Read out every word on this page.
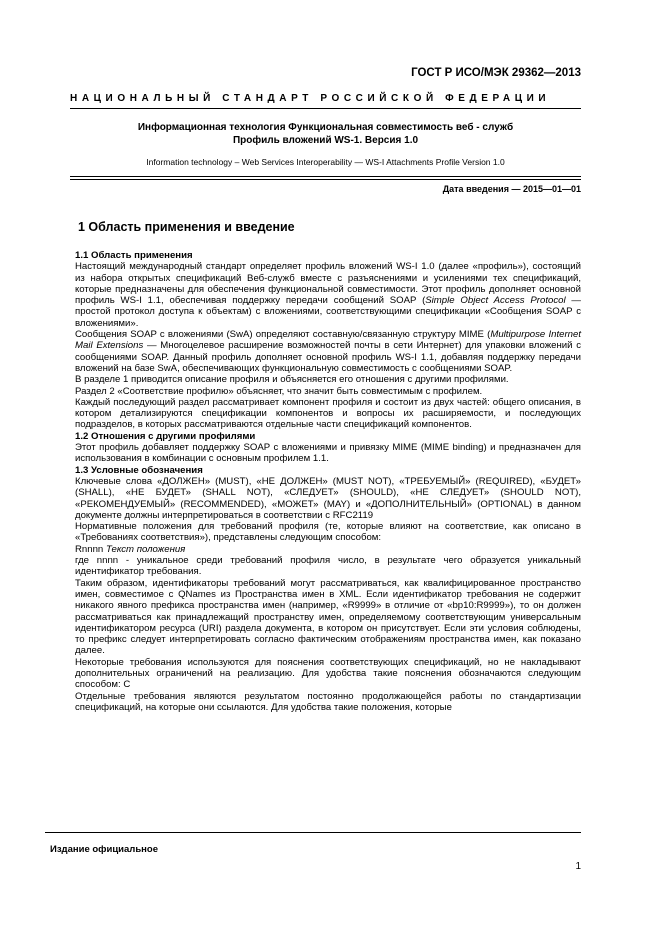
ГОСТ Р ИСО/МЭК 29362—2013
НАЦИОНАЛЬНЫЙ СТАНДАРТ РОССИЙСКОЙ ФЕДЕРАЦИИ
Информационная технология Функциональная совместимость веб - служб
Профиль вложений WS-1. Версия 1.0
Information technology – Web Services Interoperability — WS-I Attachments Profile Version 1.0
Дата введения — 2015—01—01
1 Область применения и введение

1.1 Область применения

Настоящий международный стандарт определяет профиль вложений WS-I 1.0 (далее «профиль»), состоящий из набора открытых спецификаций Веб-служб вместе с разъяснениями и усилениями тех спецификаций, которые предназначены для обеспечения функциональной совместимости. Этот профиль дополняет основной профиль WS-I 1.1, обеспечивая поддержку передачи сообщений SOAP (Simple Object Access Protocol — простой протокол доступа к объектам) с вложениями, соответствующими спецификации «Сообщения SOAP с вложениями».

Сообщения SOAP с вложениями (SwA) определяют составную/связанную структуру MIME (Multipurpose Internet Mail Extensions — Многоцелевое расширение возможностей почты в сети Интернет) для упаковки вложений с сообщениями SOAP. Данный профиль дополняет основной профиль WS-I 1.1, добавляя поддержку передачи вложений на базе SwA, обеспечивающих функциональную совместимость с сообщениями SOAP.

В разделе 1 приводится описание профиля и объясняется его отношения с другими профилями.

Раздел 2 «Соответствие профилю» объясняет, что значит быть совместимым с профилем.

Каждый последующий раздел рассматривает компонент профиля и состоит из двух частей: общего описания, в котором детализируются спецификации компонентов и вопросы их расширяемости, и последующих подразделов, в которых рассматриваются отдельные части спецификаций компонентов.

1.2 Отношения с другими профилями

Этот профиль добавляет поддержку SOAP с вложениями и привязку MIME (MIME binding) и предназначен для использования в комбинации с основным профилем 1.1.

1.3 Условные обозначения

Ключевые слова «ДОЛЖЕН» (MUST), «НЕ ДОЛЖЕН» (MUST NOT), «ТРЕБУЕМЫЙ» (REQUIRED), «БУДЕТ» (SHALL), «НЕ БУДЕТ» (SHALL NOT), «СЛЕДУЕТ» (SHOULD), «НЕ СЛЕДУЕТ» (SHOULD NOT), «РЕКОМЕНДУЕМЫЙ» (RECOMMENDED), «МОЖЕТ» (MAY) и «ДОПОЛНИТЕЛЬНЫЙ» (OPTIONAL) в данном документе должны интерпретироваться в соответствии с RFC2119

Нормативные положения для требований профиля (те, которые влияют на соответствие, как описано в «Требованиях соответствия»), представлены следующим способом:

Rnnnn Текст положения

где nnnn - уникальное среди требований профиля число, в результате чего образуется уникальный идентификатор требования.

Таким образом, идентификаторы требований могут рассматриваться, как квалифицированное пространство имен, совместимое с QNames из Пространства имен в XML. Если идентификатор требования не содержит никакого явного префикса пространства имен (например, «R9999» в отличие от «bp10:R9999»), то он должен рассматриваться как принадлежащий пространству имен, определяемому соответствующим универсальным идентификатором ресурса (URI) раздела документа, в котором он присутствует. Если эти условия соблюдены, то префикс следует интерпретировать согласно фактическим отображениям пространства имен, как показано далее.

Некоторые требования используются для пояснения соответствующих спецификаций, но не накладывают дополнительных ограничений на реализацию. Для удобства такие пояснения обозначаются следующим способом: С

Отдельные требования являются результатом постоянно продолжающейся работы по стандартизации спецификаций, на которые они ссылаются. Для удобства такие положения, которые

Издание официальное
1
